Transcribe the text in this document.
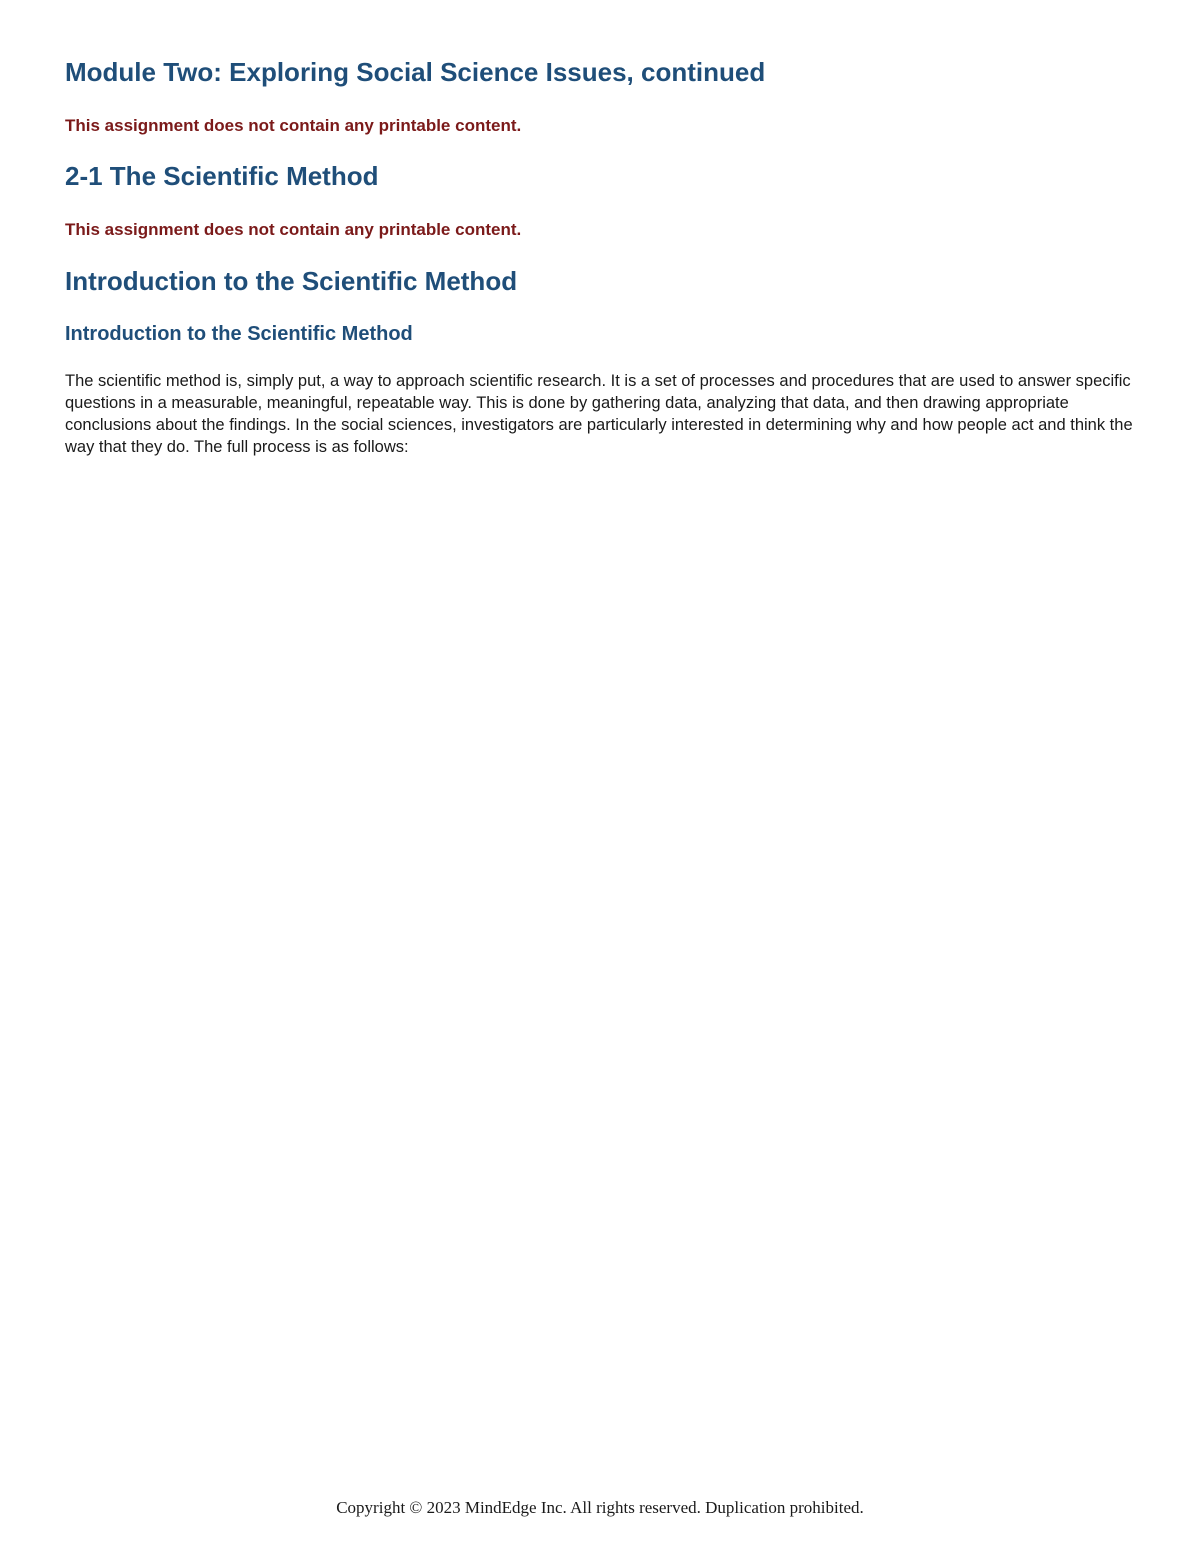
Module Two: Exploring Social Science Issues, continued

This assignment does not contain any printable content.

2-1 The Scientific Method

This assignment does not contain any printable content.

Introduction to the Scientific Method
Introduction to the Scientific Method

The scientific method is, simply put, a way to approach scientific research. It is a set of processes and procedures that are used to answer specific questions in a measurable, meaningful, repeatable way. This is done by gathering data, analyzing that data, and then drawing appropriate conclusions about the findings. In the social sciences, investigators are particularly interested in determining why and how people act and think the way that they do. The full process is as follows:

Copyright © 2023 MindEdge Inc. All rights reserved. Duplication prohibited.
